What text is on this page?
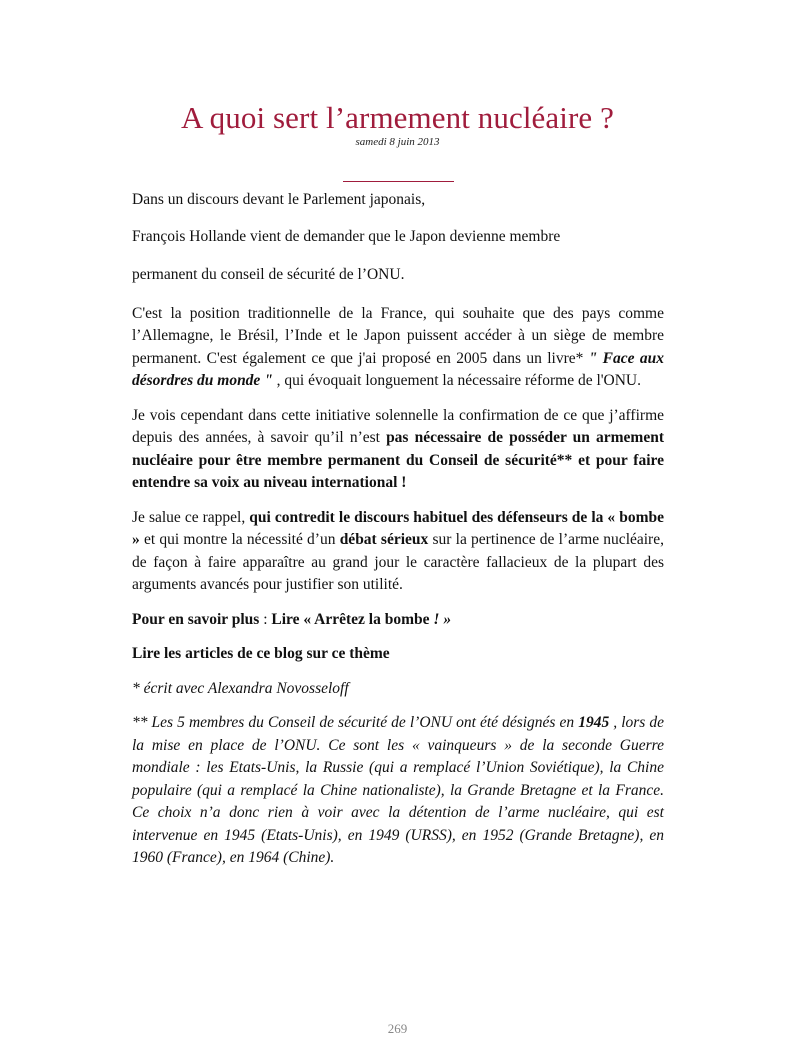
A quoi sert l’armement nucléaire ?
samedi 8 juin 2013

Dans un discours devant le Parlement japonais,

François Hollande vient de demander que le Japon devienne membre

permanent du conseil de sécurité de l’ONU.

C'est la position traditionnelle de la France, qui souhaite que des pays comme l’Allemagne, le Brésil, l’Inde et le Japon puissent accéder à un siège de membre permanent. C'est également ce que j'ai proposé en 2005 dans un livre* " Face aux désordres du monde " , qui évoquait longuement la nécessaire réforme de l'ONU.

Je vois cependant dans cette initiative solennelle la confirmation de ce que j’affirme depuis des années, à savoir qu’il n’est pas nécessaire de posséder un armement nucléaire pour être membre permanent du Conseil de sécurité** et pour faire entendre sa voix au niveau international !

Je salue ce rappel, qui contredit le discours habituel des défenseurs de la « bombe » et qui montre la nécessité d’un débat sérieux sur la pertinence de l’arme nucléaire, de façon à faire apparaître au grand jour le caractère fallacieux de la plupart des arguments avancés pour justifier son utilité.

Pour en savoir plus : Lire « Arrêtez la bombe ! »

Lire les articles de ce blog sur ce thème

* écrit avec Alexandra Novosseloff

** Les 5 membres du Conseil de sécurité de l’ONU ont été désignés en 1945 , lors de la mise en place de l’ONU. Ce sont les « vainqueurs » de la seconde Guerre mondiale : les Etats-Unis, la Russie (qui a remplacé l’Union Soviétique), la Chine populaire (qui a remplacé la Chine nationaliste), la Grande Bretagne et la France. Ce choix n’a donc rien à voir avec la détention de l’arme nucléaire, qui est intervenue en 1945 (Etats-Unis), en 1949 (URSS), en 1952 (Grande Bretagne), en 1960 (France), en 1964 (Chine).

269
